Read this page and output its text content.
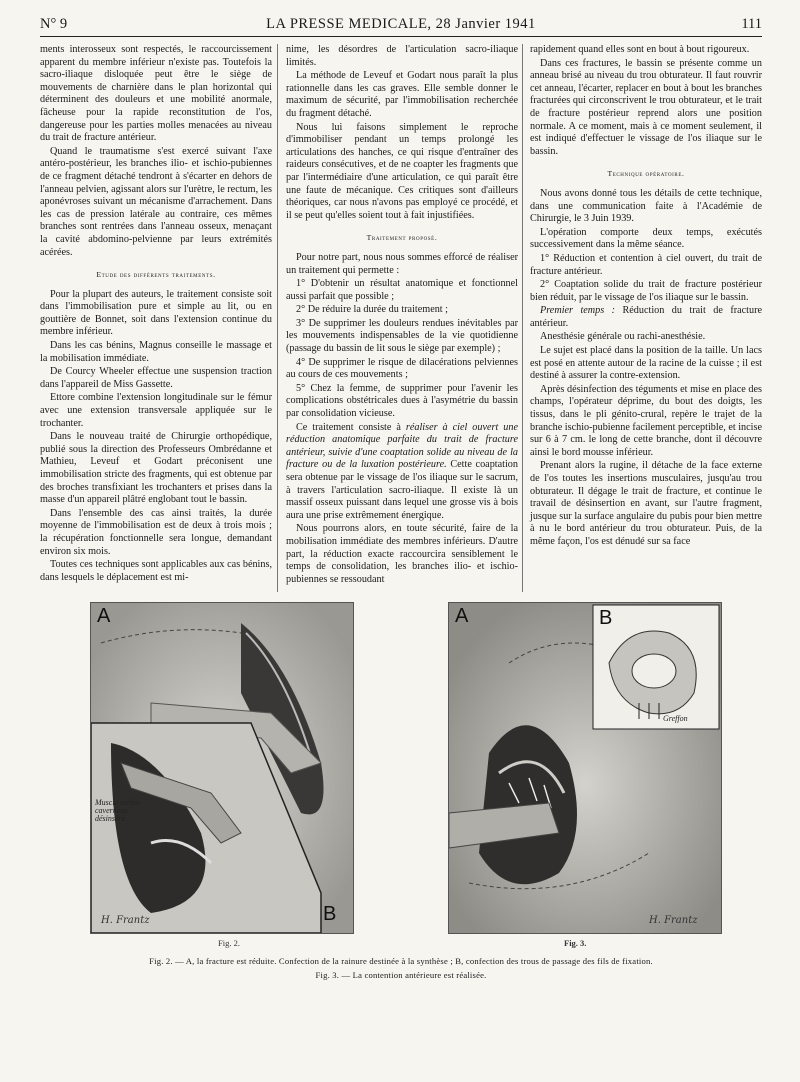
N° 9	LA PRESSE MEDICALE, 28 Janvier 1941	111

ments interosseux sont respectés, le raccourcissement apparent du membre inférieur n'existe pas. Toutefois la sacro-iliaque disloquée peut être le siège de mouvements de charnière dans le plan horizontal qui déterminent des douleurs et une mobilité anormale, fâcheuse pour la rapide reconstitution de l'os, dangereuse pour les parties molles menacées au niveau du trait de fracture antérieur.

Quand le traumatisme s'est exercé suivant l'axe antéro-postérieur, les branches ilio- et ischio-pubiennes de ce fragment détaché tendront à s'écarter en dehors de l'anneau pelvien, agissant alors sur l'urètre, le rectum, les aponévroses suivant un mécanisme d'arrachement. Dans les cas de pression latérale au contraire, ces mêmes branches sont rentrées dans l'anneau osseux, menaçant la cavité abdomino-pelvienne par leurs extrémités acérées.

Etude des différents traitements.

Pour la plupart des auteurs, le traitement consiste soit dans l'immobilisation pure et simple au lit, ou en gouttière de Bonnet, soit dans l'extension continue du membre inférieur.

Dans les cas bénins, Magnus conseille le massage et la mobilisation immédiate.

De Courcy Wheeler effectue une suspension traction dans l'appareil de Miss Gassette.

Ettore combine l'extension longitudinale sur le fémur avec une extension transversale appliquée sur le trochanter.

Dans le nouveau traité de Chirurgie orthopédique, publié sous la direction des Professeurs Ombrédanne et Mathieu, Leveuf et Godart préconisent une immobilisation stricte des fragments, qui est obtenue par des broches transfixiant les trochanters et prises dans la masse d'un appareil plâtré englobant tout le bassin.

Dans l'ensemble des cas ainsi traités, la durée moyenne de l'immobilisation est de deux à trois mois ; la récupération fonctionnelle sera longue, demandant environ six mois.

Toutes ces techniques sont applicables aux cas bénins, dans lesquels le déplacement est mi-

nime, les désordres de l'articulation sacro-iliaque limités.

La méthode de Leveuf et Godart nous paraît la plus rationnelle dans les cas graves. Elle semble donner le maximum de sécurité, par l'immobilisation recherchée du fragment détaché.

Nous lui faisons simplement le reproche d'immobiliser pendant un temps prolongé les articulations des hanches, ce qui risque d'entraîner des raideurs consécutives, et de ne coapter les fragments que par l'intermédiaire d'une articulation, ce qui paraît être une faute de mécanique. Ces critiques sont d'ailleurs théoriques, car nous n'avons pas employé ce procédé, et il se peut qu'elles soient tout à fait injustifiées.

Traitement proposé.

Pour notre part, nous nous sommes efforcé de réaliser un traitement qui permette :

1° D'obtenir un résultat anatomique et fonctionnel aussi parfait que possible ;

2° De réduire la durée du traitement ;

3° De supprimer les douleurs rendues inévitables par les mouvements indispensables de la vie quotidienne (passage du bassin de lit sous le siège par exemple) ;

4° De supprimer le risque de dilacérations pelviennes au cours de ces mouvements ;

5° Chez la femme, de supprimer pour l'avenir les complications obstétricales dues à l'asymétrie du bassin par consolidation vicieuse.

Ce traitement consiste à réaliser à ciel ouvert une réduction anatomique parfaite du trait de fracture antérieur, suivie d'une coaptation solide au niveau de la fracture ou de la luxation postérieure. Cette coaptation sera obtenue par le vissage de l'os iliaque sur le sacrum, à travers l'articulation sacro-iliaque. Il existe là un massif osseux puissant dans lequel une grosse vis à bois aura une prise extrêmement énergique.

Nous pourrons alors, en toute sécurité, faire de la mobilisation immédiate des membres inférieurs. D'autre part, la réduction exacte raccourcira sensiblement le temps de consolidation, les branches ilio- et ischio-pubiennes se ressoudant

rapidement quand elles sont en bout à bout rigoureux.

Dans ces fractures, le bassin se présente comme un anneau brisé au niveau du trou obturateur. Il faut rouvrir cet anneau, l'écarter, replacer en bout à bout les branches fracturées qui circonscrivent le trou obturateur, et le trait de fracture postérieur reprend alors une position normale. A ce moment, mais à ce moment seulement, il est indiqué d'effectuer le vissage de l'os iliaque sur le bassin.

Technique opératoire.

Nous avons donné tous les détails de cette technique, dans une communication faite à l'Académie de Chirurgie, le 3 Juin 1939.

L'opération comporte deux temps, exécutés successivement dans la même séance.

1° Réduction et contention à ciel ouvert, du trait de fracture antérieur.

2° Coaptation solide du trait de fracture postérieur bien réduit, par le vissage de l'os iliaque sur le bassin.

Premier temps : Réduction du trait de fracture antérieur.

Anesthésie générale ou rachi-anesthésie.

Le sujet est placé dans la position de la taille. Un lacs est posé en attente autour de la racine de la cuisse ; il est destiné à assurer la contre-extension.

Après désinfection des téguments et mise en place des champs, l'opérateur déprime, du bout des doigts, les tissus, dans le pli génito-crural, repère le trajet de la branche ischio-pubienne facilement perceptible, et incise sur 6 à 7 cm. le long de cette branche, dont il découvre ainsi le bord mousse inférieur.

Prenant alors la rugine, il détache de la face externe de l'os toutes les insertions musculaires, jusqu'au trou obturateur. Il dégage le trait de fracture, et continue le travail de désinsertion en avant, sur l'autre fragment, jusque sur la surface angulaire du pubis pour bien mettre à nu le bord antérieur du trou obturateur. Puis, de la même façon, l'os est dénudé sur sa face

A
B
Muscle ischio-caverneux désinséré
H. Frantz
Fig. 2.
A	B
Greffon
H. Frantz
Fig. 3.
Fig. 2. — A, la fracture est réduite. Confection de la rainure destinée à la synthèse ; B, confection des trous de passage des fils de fixation.
Fig. 3. — La contention antérieure est réalisée.
